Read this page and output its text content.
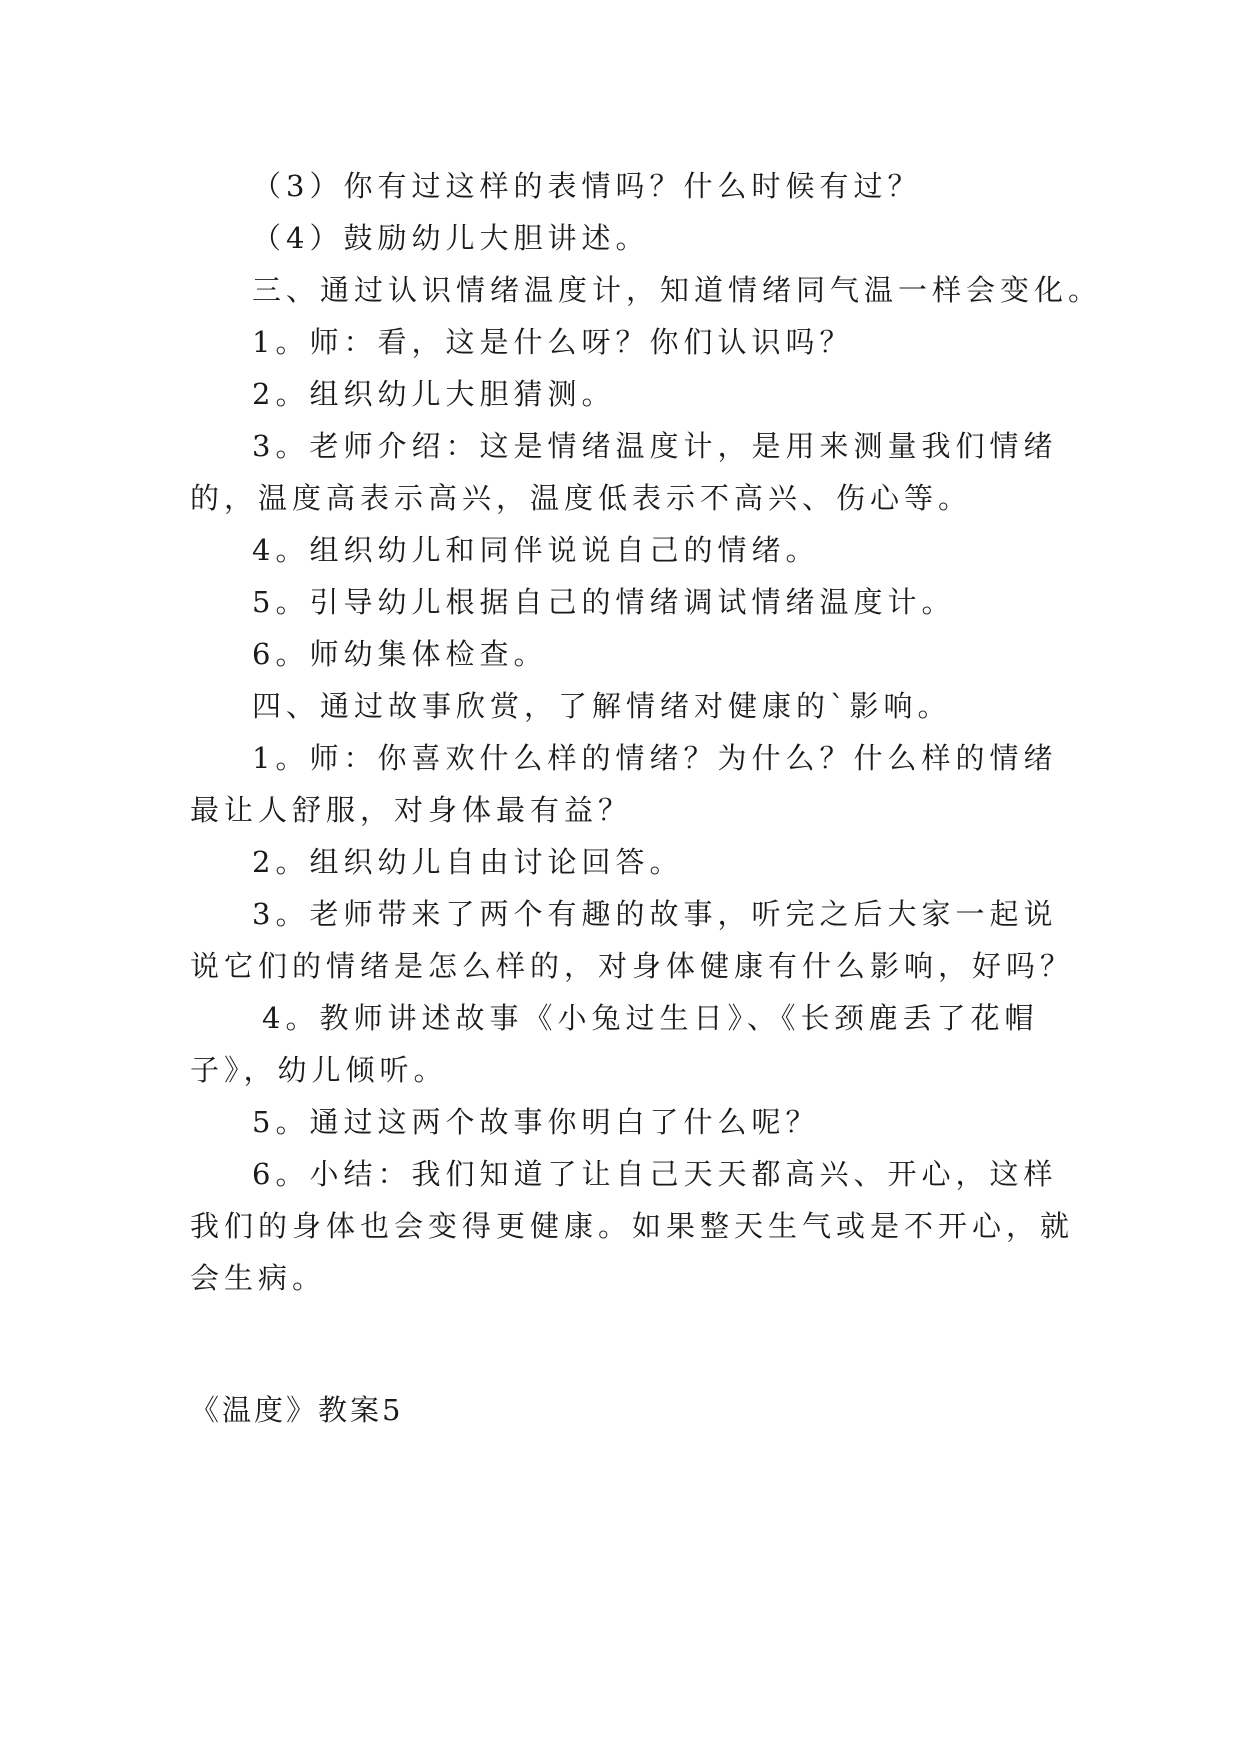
（3）你有过这样的表情吗？什么时候有过？
（4）鼓励幼儿大胆讲述。
三、通过认识情绪温度计，知道情绪同气温一样会变化。
1。师：看，这是什么呀？你们认识吗？
2。组织幼儿大胆猜测。
3。老师介绍：这是情绪温度计，是用来测量我们情绪
的，温度高表示高兴，温度低表示不高兴、伤心等。
4。组织幼儿和同伴说说自己的情绪。
5。引导幼儿根据自己的情绪调试情绪温度计。
6。师幼集体检查。
四、通过故事欣赏，了解情绪对健康的`影响。
1。师：你喜欢什么样的情绪？为什么？什么样的情绪
最让人舒服，对身体最有益？
2。组织幼儿自由讨论回答。
3。老师带来了两个有趣的故事，听完之后大家一起说
说它们的情绪是怎么样的，对身体健康有什么影响，好吗？
4。教师讲述故事《小兔过生日》、《长颈鹿丢了花帽
子》，幼儿倾听。
5。通过这两个故事你明白了什么呢？
6。小结：我们知道了让自己天天都高兴、开心，这样
我们的身体也会变得更健康。如果整天生气或是不开心，就
会生病。
《温度》教案5
